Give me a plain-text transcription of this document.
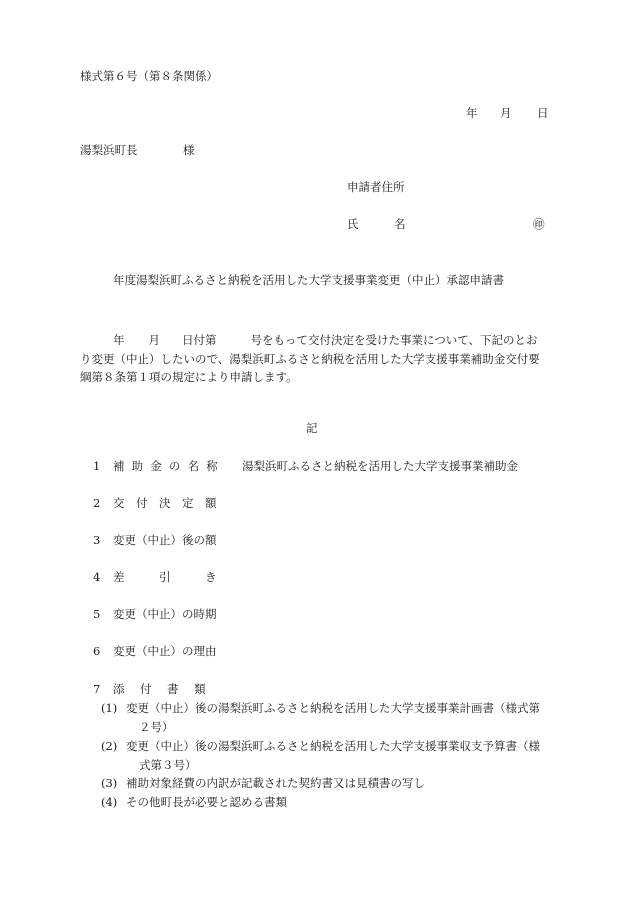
様式第６号（第８条関係）
年 月 日
湯梨浜町長	様
申請者住所
氏	名	㊞
年度湯梨浜町ふるさと納税を活用した大学支援事業変更（中止）承認申請書
年 月 日付第	号をもって交付決定を受けた事業について、下記のとお
り変更（中止）したいので、湯梨浜町ふるさと納税を活用した大学支援事業補助金交付要
綱第８条第１項の規定により申請します。
記
1 補助金の名称 湯梨浜町ふるさと納税を活用した大学支援事業補助金
2 交付決定額
3 変更（中止）後の額
4 差引き
6 変更（中止）の理由
5 変更（中止）の時期
7 添付書類
(1) 変更（中止）後の湯梨浜町ふるさと納税を活用した大学支援事業計画書（様式第
２号）
(2) 変更（中止）後の湯梨浜町ふるさと納税を活用した大学支援事業収支予算書（様
式第３号）
(3) 補助対象経費の内訳が記載された契約書又は見積書の写し
(4) その他町長が必要と認める書類
